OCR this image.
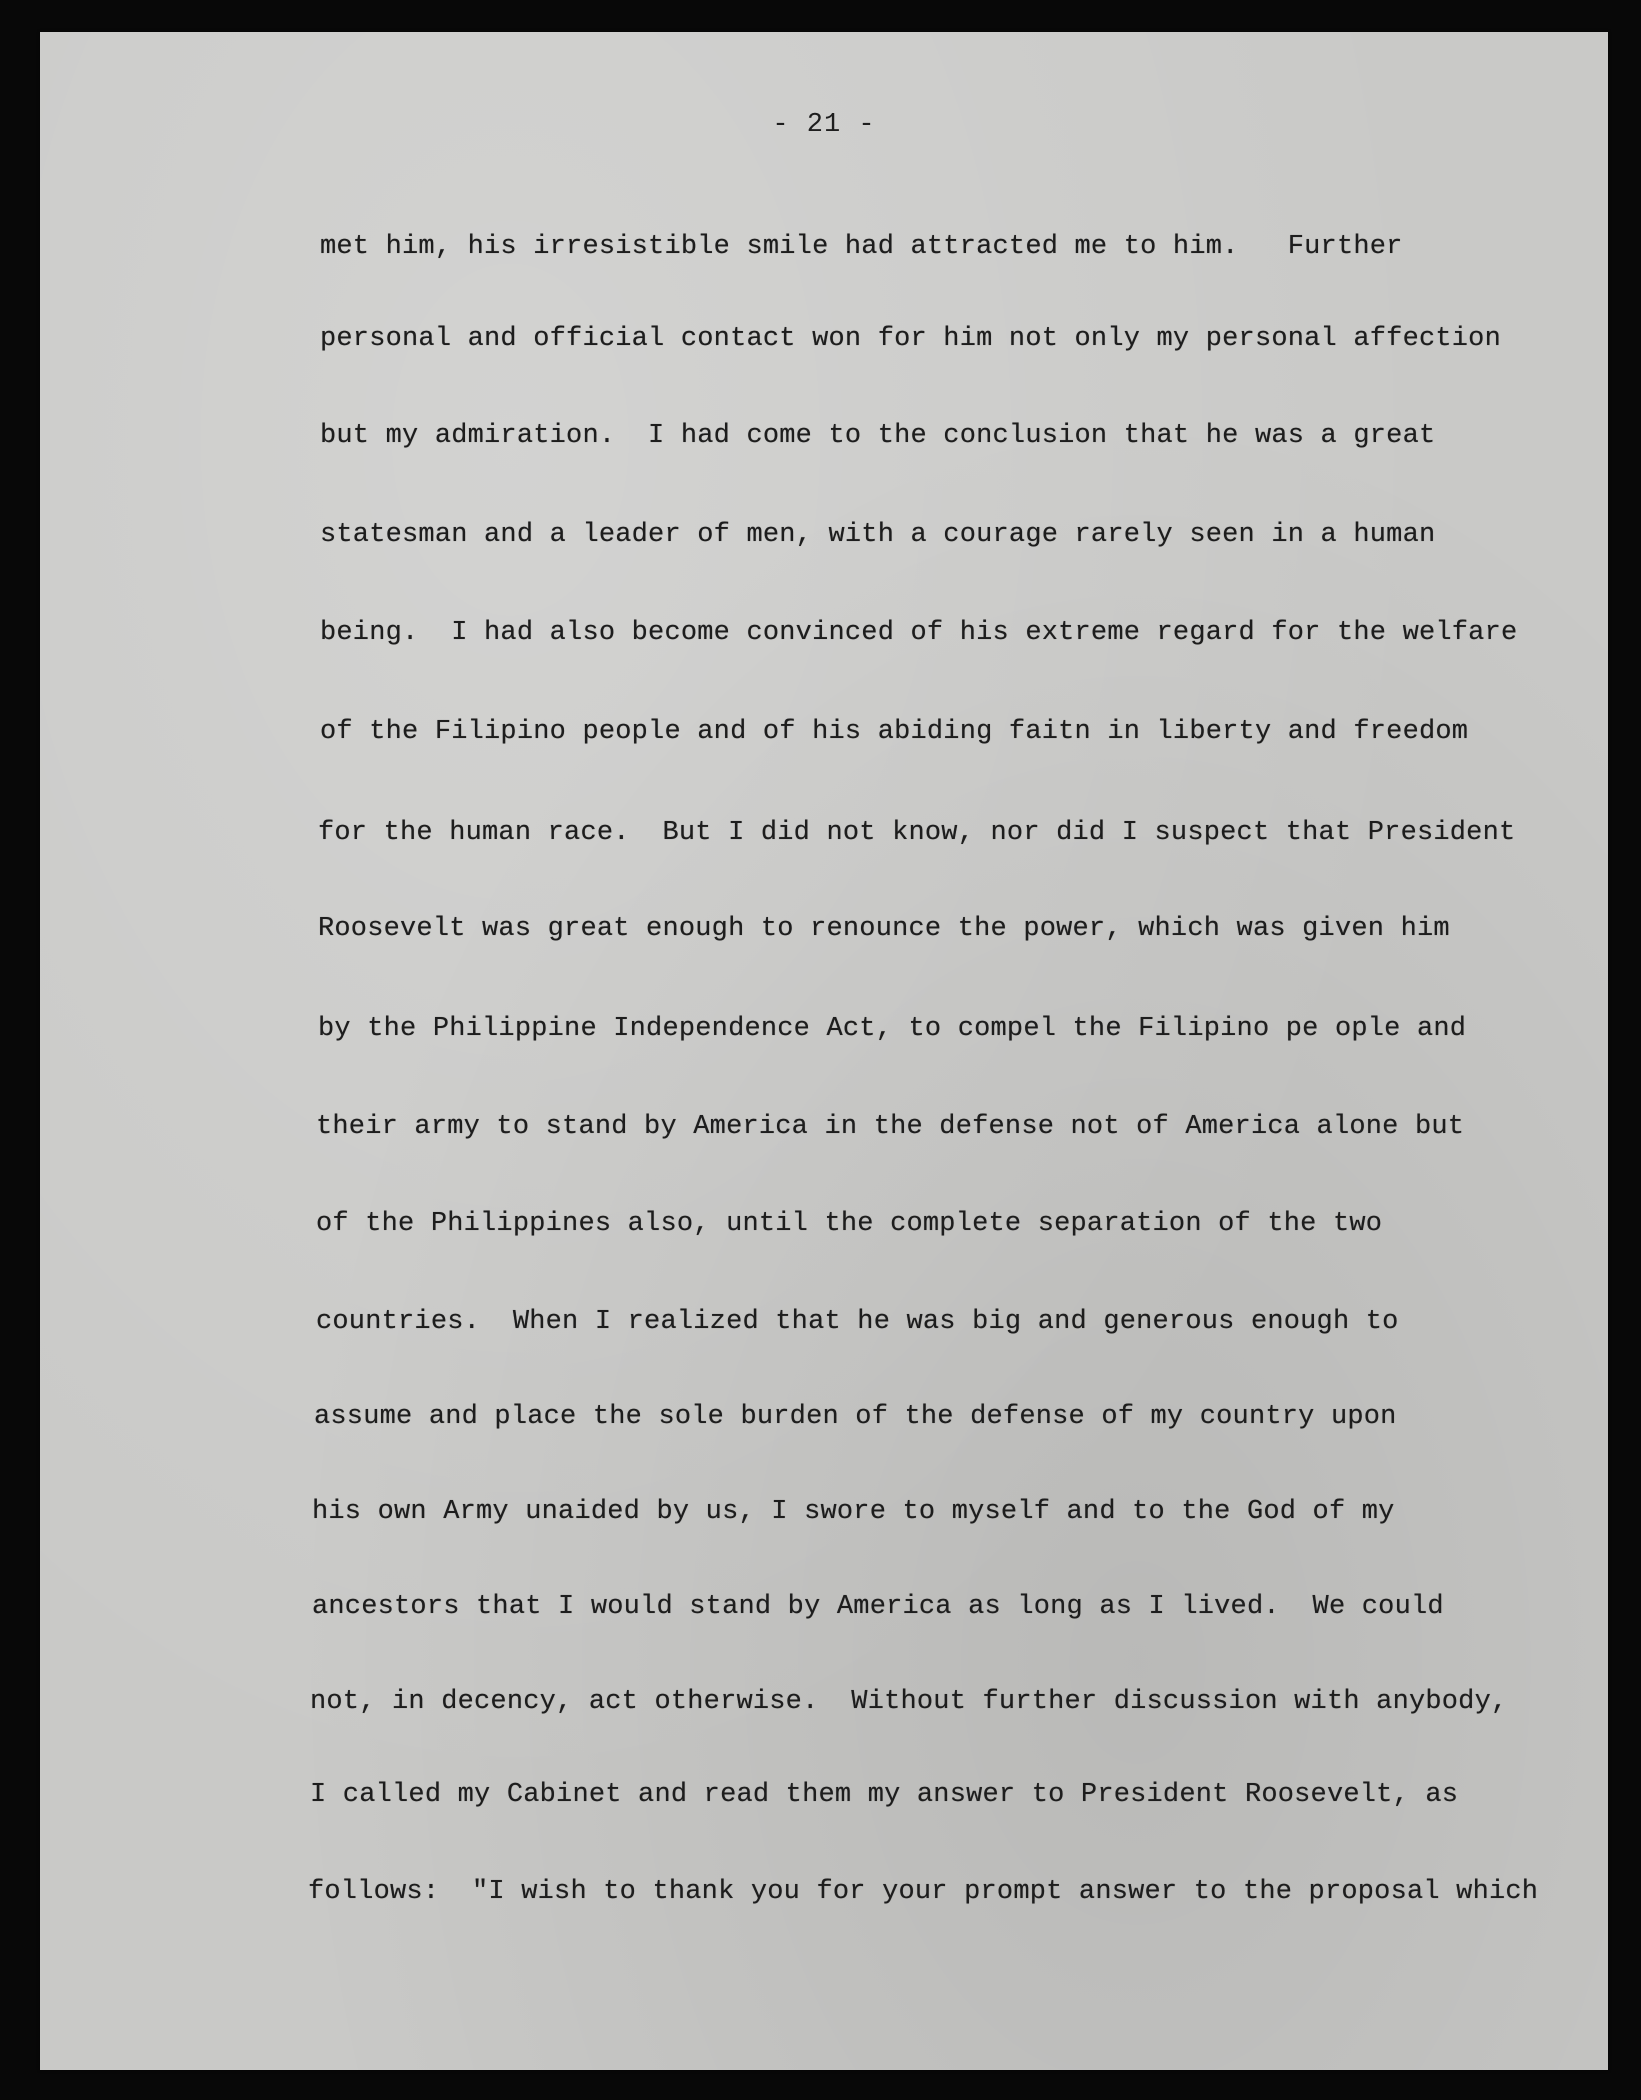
- 21 -
met him, his irresistible smile had attracted me to him.   Further
personal and official contact won for him not only my personal affection
but my admiration.  I had come to the conclusion that he was a great
statesman and a leader of men, with a courage rarely seen in a human
being.  I had also become convinced of his extreme regard for the welfare
of the Filipino people and of his abiding faitn in liberty and freedom
for the human race.  But I did not know, nor did I suspect that President
Roosevelt was great enough to renounce the power, which was given him
by the Philippine Independence Act, to compel the Filipino pe ople and
their army to stand by America in the defense not of America alone but
of the Philippines also, until the complete separation of the two
countries.  When I realized that he was big and generous enough to
assume and place the sole burden of the defense of my country upon
his own Army unaided by us, I swore to myself and to the God of my
ancestors that I would stand by America as long as I lived.  We could
not, in decency, act otherwise.  Without further discussion with anybody,
I called my Cabinet and read them my answer to President Roosevelt, as
follows:  "I wish to thank you for your prompt answer to the proposal which
